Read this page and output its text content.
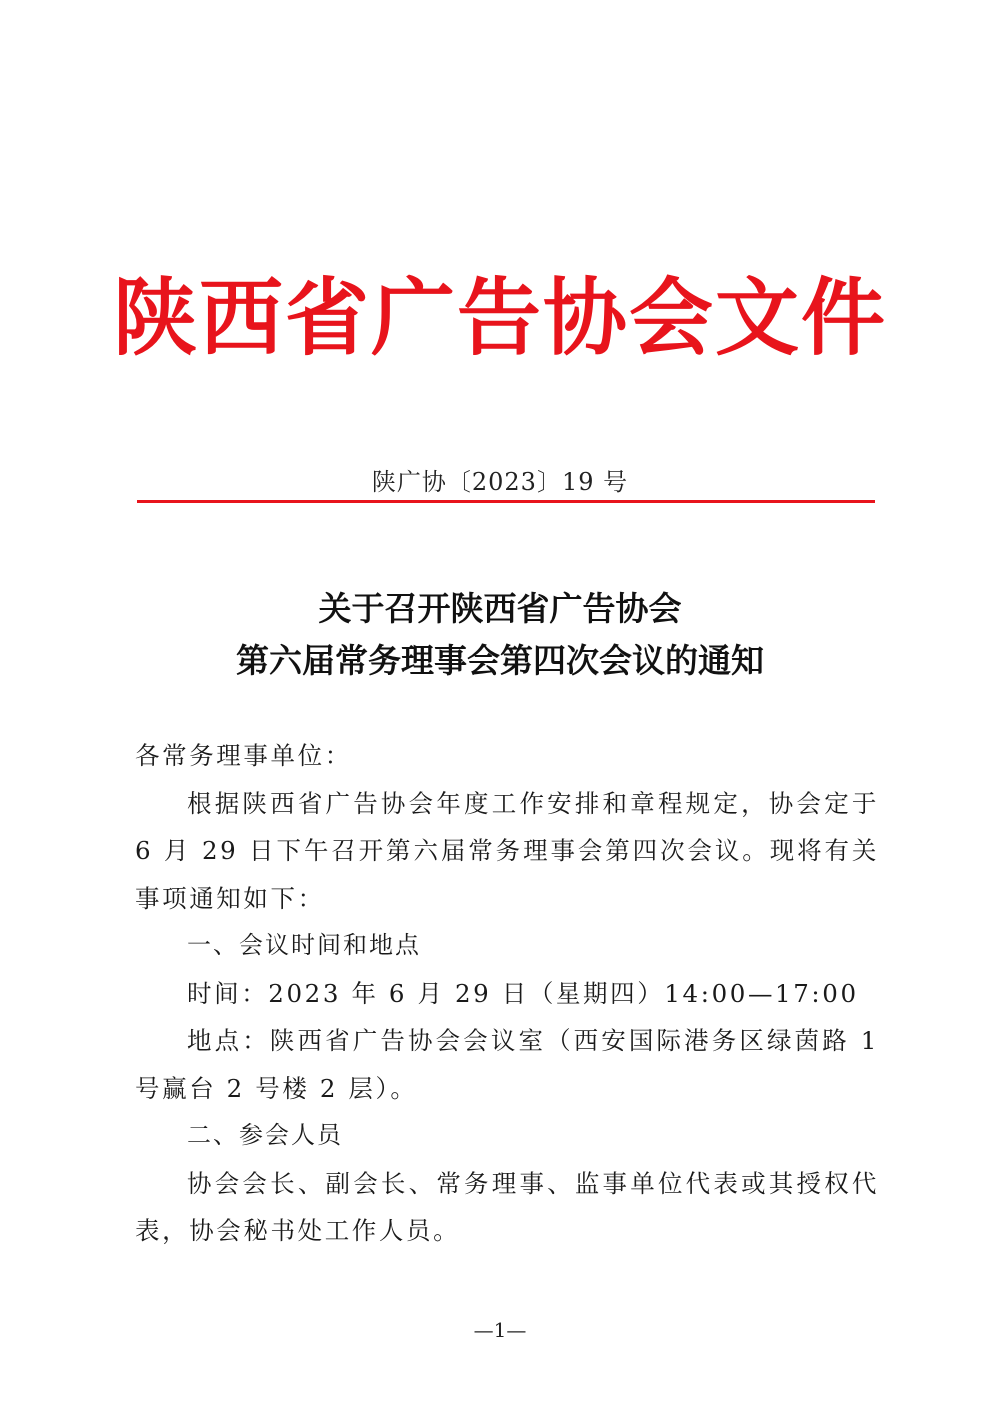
陕西省广告协会文件
陕广协〔2023〕19 号
关于召开陕西省广告协会
第六届常务理事会第四次会议的通知

各常务理事单位：

根据陕西省广告协会年度工作安排和章程规定，协会定于 6 月 29 日下午召开第六届常务理事会第四次会议。现将有关事项通知如下：

一、会议时间和地点

时间：2023 年 6 月 29 日（星期四）14:00—17:00

地点：陕西省广告协会会议室（西安国际港务区绿茵路 1 号赢台 2 号楼 2 层）。

二、参会人员

协会会长、副会长、常务理事、监事单位代表或其授权代表，协会秘书处工作人员。

—1—
